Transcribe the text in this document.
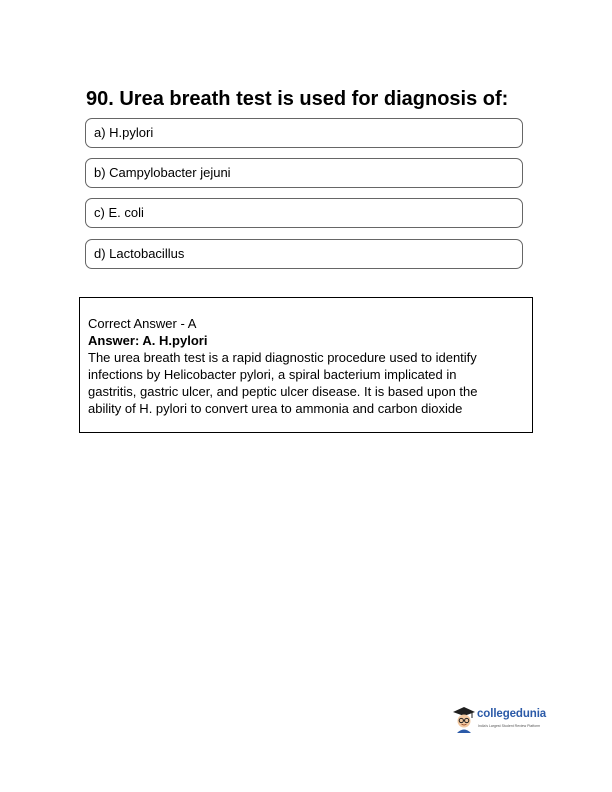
90. Urea breath test is used for diagnosis of:
a) H.pylori
b) Campylobacter jejuni
c) E. coli
d) Lactobacillus
Correct Answer - A
Answer: A. H.pylori
The urea breath test is a rapid diagnostic procedure used to identify
infections by Helicobacter pylori, a spiral bacterium implicated in
gastritis, gastric ulcer, and peptic ulcer disease. It is based upon the
ability of H. pylori to convert urea to ammonia and carbon dioxide
collegedunia
India's Largest Student Review Platform
